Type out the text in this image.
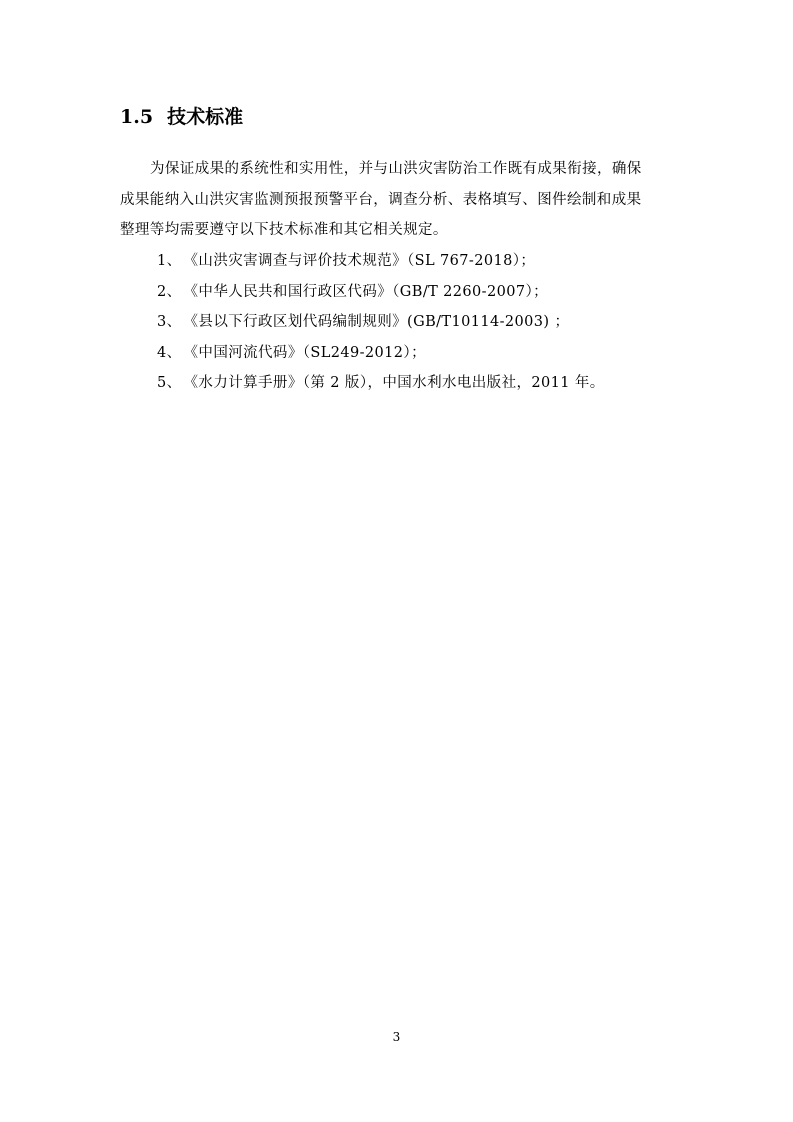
1.5 技术标准
为保证成果的系统性和实用性，并与山洪灾害防治工作既有成果衔接，确保
成果能纳入山洪灾害监测预报预警平台，调查分析、表格填写、图件绘制和成果
整理等均需要遵守以下技术标准和其它相关规定。
1、 《山洪灾害调查与评价技术规范》（SL 767-2018）；
2、 《中华人民共和国行政区代码》（GB/T 2260-2007）；
3、 《县以下行政区划代码编制规则》(GB/T10114-2003) ；
4、 《中国河流代码》（SL249-2012）；
5、 《水力计算手册》（第 2 版），中国水利水电出版社，2011 年。
3
